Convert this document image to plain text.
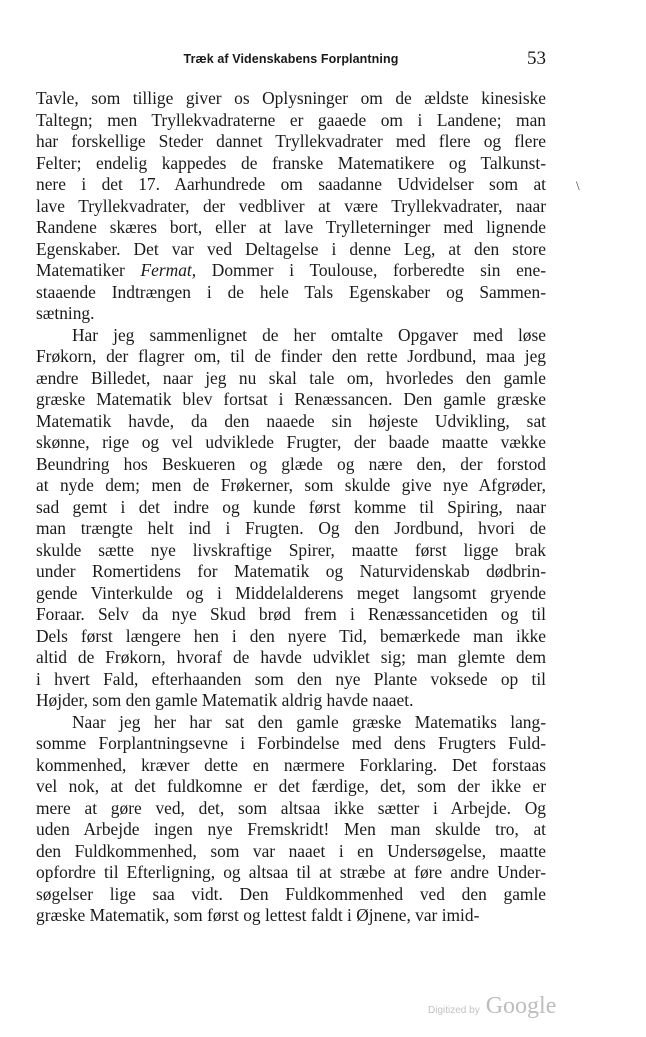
Træk af Videnskabens Forplantning	53
Tavle, som tillige giver os Oplysninger om de ældste kinesiske
Taltegn; men Tryllekvadraterne er gaaede om i Landene; man
har forskellige Steder dannet Tryllekvadrater med flere og flere
Felter; endelig kappedes de franske Matematikere og Talkunst-
nere i det 17. Aarhundrede om saadanne Udvidelser som at
lave Tryllekvadrater, der vedbliver at være Tryllekvadrater, naar
Randene skæres bort, eller at lave Trylleterninger med lignende
Egenskaber. Det var ved Deltagelse i denne Leg, at den store
Matematiker Fermat, Dommer i Toulouse, forberedte sin ene-
staaende Indtrængen i de hele Tals Egenskaber og Sammen-
sætning.
Har jeg sammenlignet de her omtalte Opgaver med løse
Frøkorn, der flagrer om, til de finder den rette Jordbund, maa jeg
ændre Billedet, naar jeg nu skal tale om, hvorledes den gamle
græske Matematik blev fortsat i Renæssancen. Den gamle græske
Matematik havde, da den naaede sin højeste Udvikling, sat
skønne, rige og vel udviklede Frugter, der baade maatte vække
Beundring hos Beskueren og glæde og nære den, der forstod
at nyde dem; men de Frøkerner, som skulde give nye Afgrøder,
sad gemt i det indre og kunde først komme til Spiring, naar
man trængte helt ind i Frugten. Og den Jordbund, hvori de
skulde sætte nye livskraftige Spirer, maatte først ligge brak
under Romertidens for Matematik og Naturvidenskab dødbrin-
gende Vinterkulde og i Middelalderens meget langsomt gryende
Foraar. Selv da nye Skud brød frem i Renæssancetiden og til
Dels først længere hen i den nyere Tid, bemærkede man ikke
altid de Frøkorn, hvoraf de havde udviklet sig; man glemte dem
i hvert Fald, efterhaanden som den nye Plante voksede op til
Højder, som den gamle Matematik aldrig havde naaet.
Naar jeg her har sat den gamle græske Matematiks lang-
somme Forplantningsevne i Forbindelse med dens Frugters Fuld-
kommenhed, kræver dette en nærmere Forklaring. Det forstaas
vel nok, at det fuldkomne er det færdige, det, som der ikke er
mere at gøre ved, det, som altsaa ikke sætter i Arbejde. Og
uden Arbejde ingen nye Fremskridt! Men man skulde tro, at
den Fuldkommenhed, som var naaet i en Undersøgelse, maatte
opfordre til Efterligning, og altsaa til at stræbe at føre andre Under-
søgelser lige saa vidt. Den Fuldkommenhed ved den gamle
græske Matematik, som først og lettest faldt i Øjnene, var imid-
\
Digitized by Google
